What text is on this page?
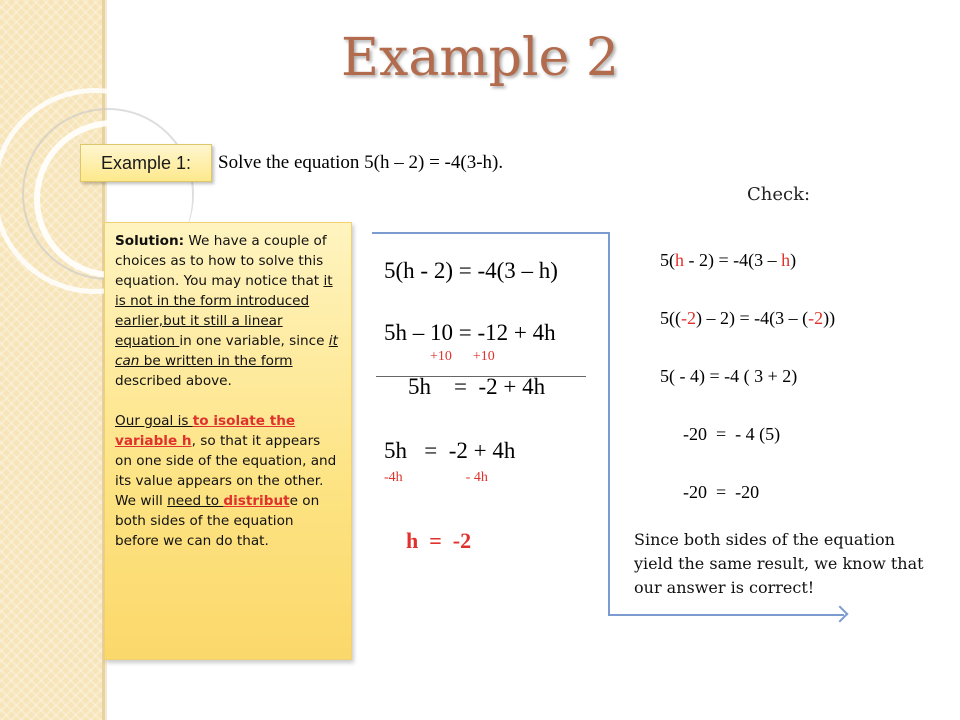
Example 2
Example 1:	Solve the equation 5(h – 2) = -4(3-h).
Check:

Solution: We have a couple of choices as to how to solve this equation. You may notice that it is not in the form introduced earlier,but it still a linear equation in one variable, since it can be written in the form described above.

Our goal is to isolate the variable h, so that it appears on one side of the equation, and its value appears on the other. We will need to distribute on both sides of the equation before we can do that.

5(h - 2) = -4(3 – h)
5h – 10 = -12 + 4h
+10      +10
5h    =  -2 + 4h
5h   =  -2 + 4h
-4h                  - 4h
h  =  -2
5(h - 2) = -4(3 – h)
5((-2) – 2) = -4(3 – (-2))
5( - 4) = -4 ( 3 + 2)
-20  =  - 4 (5)
-20  =  -20
Since both sides of the equation yield the same result, we know that our answer is correct!
